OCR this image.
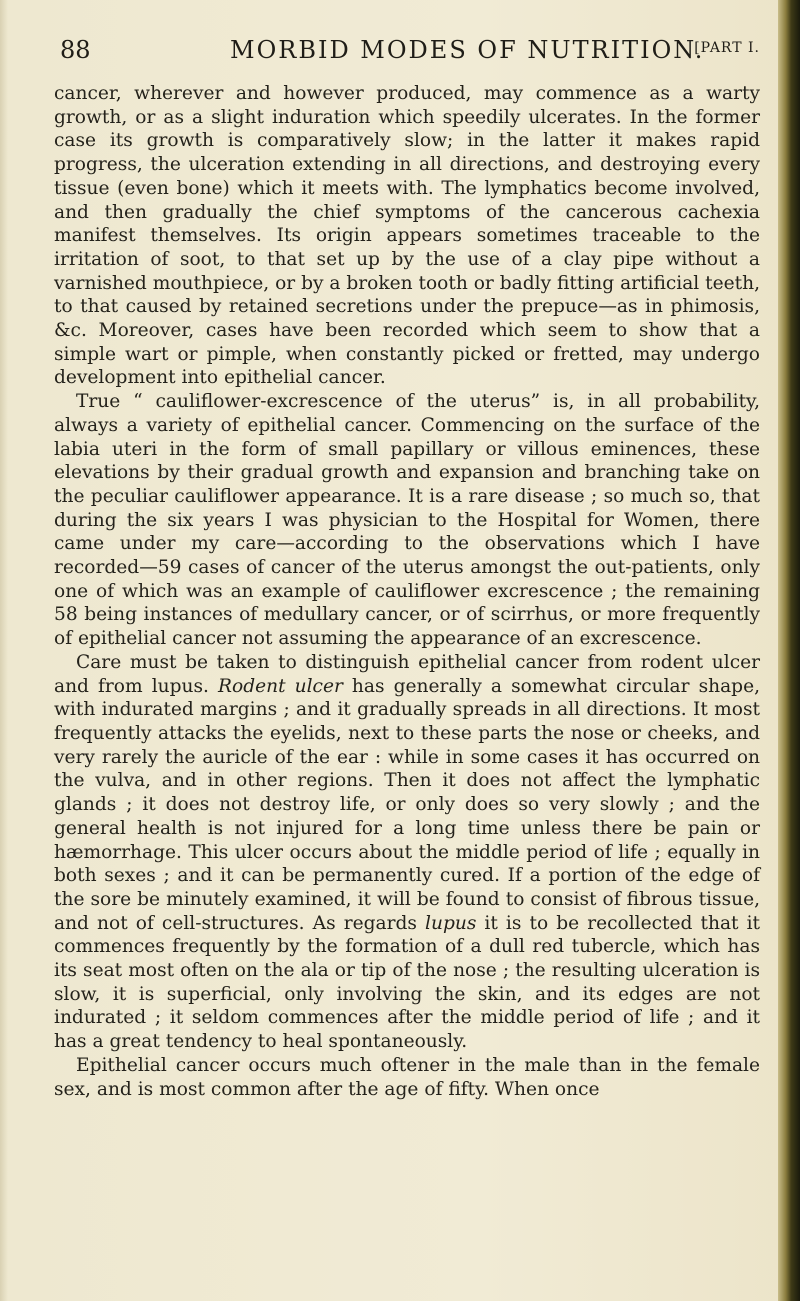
88	MORBID MODES OF NUTRITION.
[PART I.

cancer, wherever and however produced, may commence as a warty growth, or as a slight induration which speedily ulcerates. In the former case its growth is comparatively slow; in the latter it makes rapid progress, the ulceration extending in all directions, and destroying every tissue (even bone) which it meets with. The lymphatics become involved, and then gradually the chief symptoms of the cancerous cachexia manifest themselves. Its origin appears sometimes traceable to the irritation of soot, to that set up by the use of a clay pipe without a varnished mouthpiece, or by a broken tooth or badly fitting artificial teeth, to that caused by retained secretions under the prepuce—as in phimosis, &c. Moreover, cases have been recorded which seem to show that a simple wart or pimple, when constantly picked or fretted, may undergo development into epithelial cancer.

True “ cauliflower-excrescence of the uterus” is, in all probability, always a variety of epithelial cancer. Commencing on the surface of the labia uteri in the form of small papillary or villous eminences, these elevations by their gradual growth and expansion and branching take on the peculiar cauliflower appearance. It is a rare disease ; so much so, that during the six years I was physician to the Hospital for Women, there came under my care—according to the observations which I have recorded—59 cases of cancer of the uterus amongst the out-patients, only one of which was an example of cauliflower excrescence ; the remaining 58 being instances of medullary cancer, or of scirrhus, or more frequently of epithelial cancer not assuming the appearance of an excrescence.

Care must be taken to distinguish epithelial cancer from rodent ulcer and from lupus. Rodent ulcer has generally a somewhat circular shape, with indurated margins ; and it gradually spreads in all directions. It most frequently attacks the eyelids, next to these parts the nose or cheeks, and very rarely the auricle of the ear : while in some cases it has occurred on the vulva, and in other regions. Then it does not affect the lymphatic glands ; it does not destroy life, or only does so very slowly ; and the general health is not injured for a long time unless there be pain or hæmorrhage. This ulcer occurs about the middle period of life ; equally in both sexes ; and it can be permanently cured. If a portion of the edge of the sore be minutely examined, it will be found to consist of fibrous tissue, and not of cell-structures. As regards lupus it is to be recollected that it commences frequently by the formation of a dull red tubercle, which has its seat most often on the ala or tip of the nose ; the resulting ulceration is slow, it is superficial, only involving the skin, and its edges are not indurated ; it seldom commences after the middle period of life ; and it has a great tendency to heal spontaneously.

Epithelial cancer occurs much oftener in the male than in the female sex, and is most common after the age of fifty. When once
